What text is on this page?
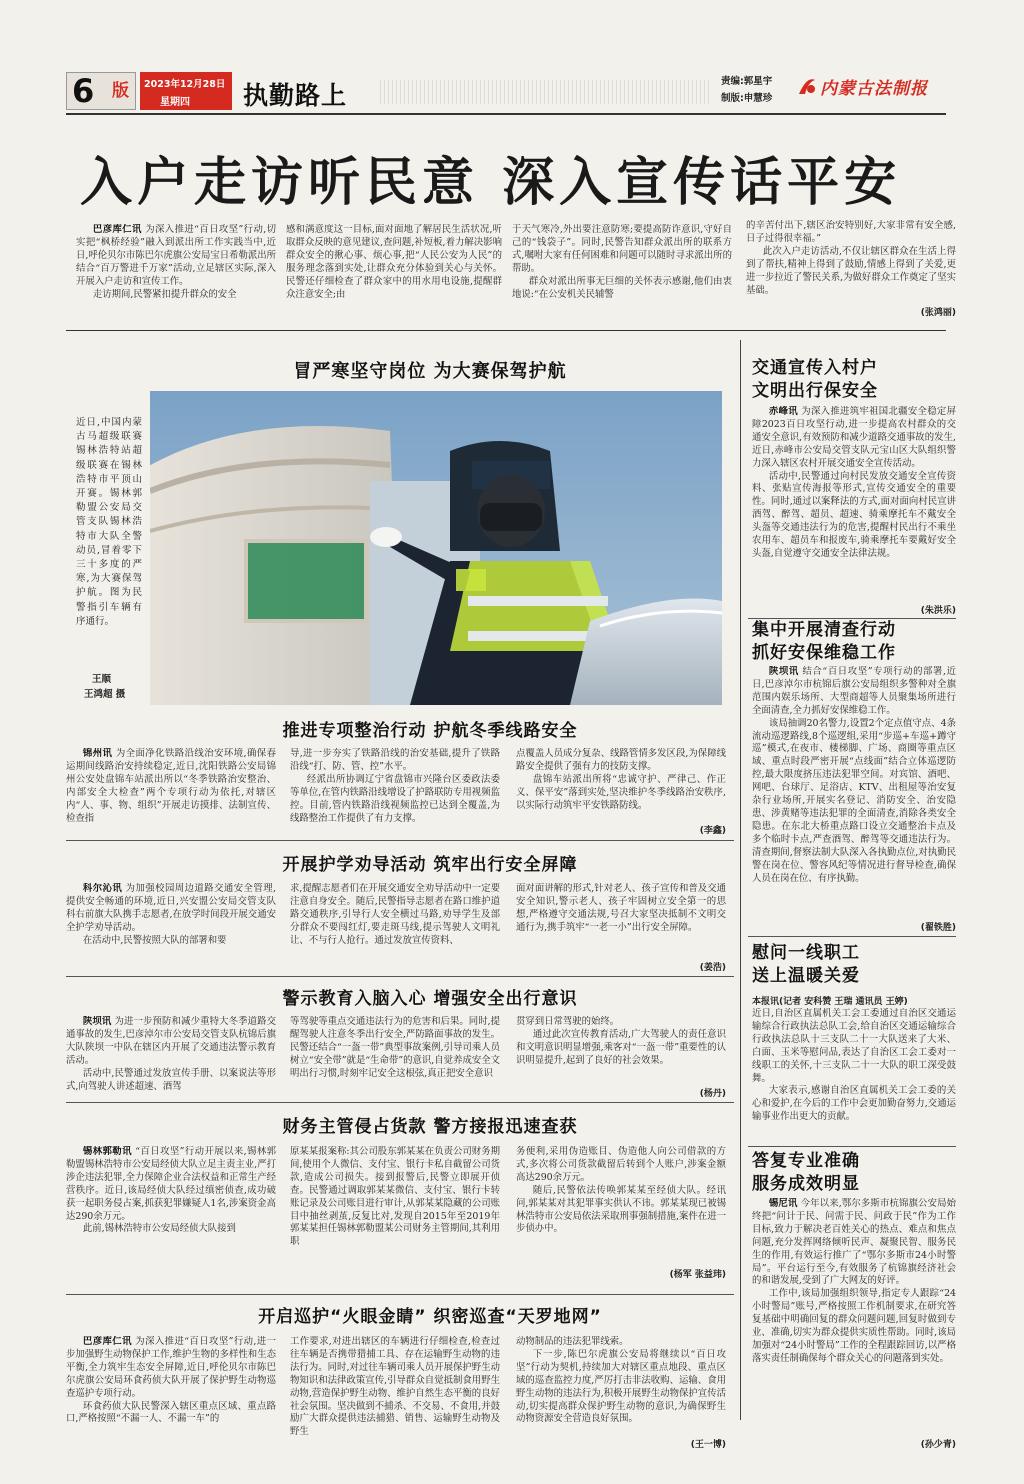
6 版 2023年12月28日
星期四 执勤路上	责编:郭星宇
制版:申慧珍	内蒙古法制报
入户走访听民意 深入宣传话平安

巴彦库仁讯 为深入推进“百日攻坚”行动,切实把“枫桥经验”融入到派出所工作实践当中,近日,呼伦贝尔市陈巴尔虎旗公安局宝日希勒派出所结合“百万警进千万家”活动,立足辖区实际,深入开展入户走访和宣传工作。

走访期间,民警紧扣提升群众的安全

感和满意度这一目标,面对面地了解居民生活状况,听取群众反映的意见建议,查问题,补短板,着力解决影响群众安全的揪心事、烦心事,把“人民公安为人民”的服务理念落到实处,让群众充分体验到关心与关怀。民警还仔细检查了群众家中的用水用电设施,提醒群众注意安全;由
于天气寒冷,外出要注意防寒;要提高防诈意识,守好自己的“钱袋子”。同时,民警告知群众派出所的联系方式,嘱咐大家有任何困难和问题可以随时寻求派出所的帮助。

群众对派出所事无巨细的关怀表示感谢,他们由衷地说:“在公安机关民辅警

的辛苦付出下,辖区治安特别好,大家非常有安全感,日子过得很幸福。”

此次入户走访活动,不仅让辖区群众在生活上得到了帮扶,精神上得到了鼓励,情感上得到了关爱,更进一步拉近了警民关系,为做好群众工作奠定了坚实基础。

(张鸿丽)
冒严寒坚守岗位 为大赛保驾护航
近日,中国内蒙古马超级联赛锡林浩特站超级联赛在锡林浩特市平顶山开赛。锡林郭勒盟公安局交管支队锡林浩特市大队全警动员,冒着零下三十多度的严寒,为大赛保驾护航。图为民警指引车辆有序通行。
王顺
王鸿超 摄
推进专项整治行动 护航冬季线路安全

锦州讯 为全面净化铁路沿线治安环境,确保春运期间线路治安持续稳定,近日,沈阳铁路公安局锦州公安处盘锦车站派出所以“冬季铁路治安整治、内部安全大检查”两个专项行动为依托,对辖区内“人、事、物、组织”开展走访摸排、法制宣传、检查指

导,进一步夯实了铁路沿线的治安基础,提升了铁路沿线“打、防、管、控”水平。

经派出所协调辽宁省盘锦市兴隆台区委政法委等单位,在管内铁路沿线增设了护路联防专用视频监控。目前,管内铁路沿线视频监控已达到全覆盖,为线路整治工作提供了有力支撑。

点覆盖人员成分复杂、线路管情多发区段,为保障线路安全提供了强有力的技防支撑。

盘锦车站派出所将“忠诚守护、严律己、作正义、保平安”落到实处,坚决维护冬季线路治安秩序,以实际行动筑牢平安铁路防线。

(李鑫)
开展护学劝导活动 筑牢出行安全屏障

科尔沁讯 为加强校园周边道路交通安全管理,提供安全畅通的环境,近日,兴安盟公安局交管支队科右前旗大队携手志愿者,在放学时间段开展交通安全护学劝导活动。

在活动中,民警按照大队的部署和要

求,提醒志愿者们在开展交通安全劝导活动中一定要注意自身安全。随后,民警指导志愿者在路口维护道路交通秩序,引导行人安全横过马路,劝导学生及部分群众不要闯红灯,要走斑马线,提示驾驶人文明礼让、不与行人抢行。通过发放宣传资料、
面对面讲解的形式,针对老人、孩子宣传和普及交通安全知识,警示老人、孩子牢固树立安全第一的思想,严格遵守交通法规,号召大家坚决抵制不文明交通行为,携手筑牢“一老一小”出行安全屏障。
(姜浩)
警示教育入脑入心 增强安全出行意识

陕坝讯 为进一步预防和减少重特大冬季道路交通事故的发生,巴彦淖尔市公安局交管支队杭锦后旗大队陕坝一中队在辖区内开展了交通违法警示教育活动。

活动中,民警通过发放宣传手册、以案说法等形式,向驾驶人讲述超速、酒驾

等驾驶等重点交通违法行为的危害和后果。同时,提醒驾驶人注意冬季出行安全,严防路面事故的发生。民警还结合“一盔一带”典型事故案例,引导司乘人员树立“安全带”就是“生命带”的意识,自觉养成安全文明出行习惯,时刻牢记安全这根弦,真正把安全意识
贯穿到日常驾驶的始终。

通过此次宣传教育活动,广大驾驶人的责任意识和文明意识明显增强,乘客对“一盔一带”重要性的认识明显提升,起到了良好的社会效果。

(杨丹)
财务主管侵占货款 警方接报迅速查获

锡林郭勒讯 “百日攻坚”行动开展以来,锡林郭勒盟锡林浩特市公安局经侦大队立足主责主业,严打涉企违法犯罪,全力保障企业合法权益和正常生产经营秩序。近日,该局经侦大队经过缜密侦查,成功破获一起职务侵占案,抓获犯罪嫌疑人1名,涉案资金高达290余万元。

此前,锡林浩特市公安局经侦大队接到

原某某报案称:其公司股东郭某某在负责公司财务期间,使用个人微信、支付宝、银行卡私自截留公司货款,造成公司损失。接到报警后,民警立即展开侦查。民警通过调取郭某某微信、支付宝、银行卡转账记录及公司账目进行审计,从郭某某隐藏的公司账目中抽丝剥茧,反复比对,发现自2015年至2019年郭某某担任锡林郭勒盟某公司财务主管期间,其利用职
务便利,采用伪造账目、伪造他人向公司借款的方式,多次将公司货款截留后转到个人账户,涉案金额高达290余万元。

随后,民警依法传唤郭某某至经侦大队。经讯问,郭某某对其犯罪事实供认不讳。郭某某现已被锡林浩特市公安局依法采取刑事强制措施,案件在进一步侦办中。

(杨军 张益玮)
开启巡护“火眼金睛” 织密巡查“天罗地网”

巴彦库仁讯 为深入推进“百日攻坚”行动,进一步加强野生动物保护工作,维护生物的多样性和生态平衡,全力筑牢生态安全屏障,近日,呼伦贝尔市陈巴尔虎旗公安局环食药侦大队开展了保护野生动物巡查巡护专项行动。

环食药侦大队民警深入辖区重点区域、重点路口,严格按照“不漏一人、不漏一车”的

工作要求,对进出辖区的车辆进行仔细检查,检查过往车辆是否携带猎捕工具、存在运输野生动物的违法行为。同时,对过往车辆司乘人员开展保护野生动物知识和法律政策宣传,引导群众自觉抵制食用野生动物,营造保护野生动物、维护自然生态平衡的良好社会氛围。坚决做到不捕杀、不交易、不食用,并鼓励广大群众提供违法捕猎、销售、运输野生动物及野生
动物制品的违法犯罪线索。

下一步,陈巴尔虎旗公安局将继续以“百日攻坚”行动为契机,持续加大对辖区重点地段、重点区域的巡查监控力度,严厉打击非法收购、运输、食用野生动物的违法行为,积极开展野生动物保护宣传活动,切实提高群众保护野生动物的意识,为确保野生动物资源安全营造良好氛围。

(王一博)
交通宣传入村户
文明出行保安全

赤峰讯 为深入推进筑牢祖国北疆安全稳定屏障2023百日攻坚行动,进一步提高农村群众的交通安全意识,有效预防和减少道路交通事故的发生,近日,赤峰市公安局交管支队元宝山区大队组织警力深入辖区农村开展交通安全宣传活动。

活动中,民警通过向村民发放交通安全宣传资料、张贴宣传海报等形式,宣传交通安全的重要性。同时,通过以案释法的方式,面对面向村民宣讲酒驾、醉驾、超员、超速、骑乘摩托车不戴安全头盔等交通违法行为的危害,提醒村民出行不乘坐农用车、超员车和报废车,骑乘摩托车要戴好安全头盔,自觉遵守交通安全法律法规。

(朱洪乐)
集中开展清查行动
抓好安保维稳工作

陕坝讯 结合“百日攻坚”专项行动的部署,近日,巴彦淖尔市杭锦后旗公安局组织多警种对全旗范围内娱乐场所、大型商超等人员聚集场所进行全面清查,全力抓好安保维稳工作。

该局抽调20名警力,设置2个定点值守点、4条流动巡逻路线,8个巡逻组,采用“步巡+车巡+蹲守巡”模式,在夜市、楼梯脚、广场、商圈等重点区域、重点时段严密开展“点线面”结合立体巡逻防控,最大限度挤压违法犯罪空间。对宾馆、酒吧、网吧、台球厅、足浴店、KTV、出租屋等治安复杂行业场所,开展实名登记、消防安全、治安隐患、涉黄赌等违法犯罪的全面清查,消除各类安全隐患。在东北大桥重点路口设立交通整治卡点及多个临时卡点,严查酒驾、醉驾等交通违法行为。清查期间,督察法制大队深入各执勤点位,对执勤民警在岗在位、警容风纪等情况进行督导检查,确保人员在岗在位、有序执勤。

(翟铁胜)
慰问一线职工
送上温暖关爱
本报讯(记者 安科赞 王瑞 通讯员 王婷)
近日,自治区直属机关工会工委通过自治区交通运输综合行政执法总队工会,给自治区交通运输综合行政执法总队十三支队二十一大队送来了大米、白面、玉米等慰问品,表达了自治区工会工委对一线职工的关怀,十三支队二十一大队的职工深受鼓舞。

大家表示,感谢自治区直属机关工会工委的关心和爱护,在今后的工作中会更加勤奋努力,交通运输事业作出更大的贡献。

答复专业准确
服务成效明显

锡尼讯 今年以来,鄂尔多斯市杭锦旗公安局始终把“问计于民、问需于民、问政于民”作为工作目标,致力于解决老百姓关心的热点、难点和焦点问题,充分发挥网络倾听民声、凝聚民智、服务民生的作用,有效运行推广了“鄂尔多斯市24小时警局”。平台运行至今,有效服务了杭锦旗经济社会的和谐发展,受到了广大网友的好评。

工作中,该局加强组织领导,指定专人跟踪“24小时警局”账号,严格按照工作机制要求,在研究答复基础中明确回复的群众问题问题,回复时做到专业、准确,切实为群众提供实质性帮助。同时,该局加强对“24小时警局”工作的全程跟踪回访,以严格落实责任制确保每个群众关心的问题落到实处。

(孙少青)
